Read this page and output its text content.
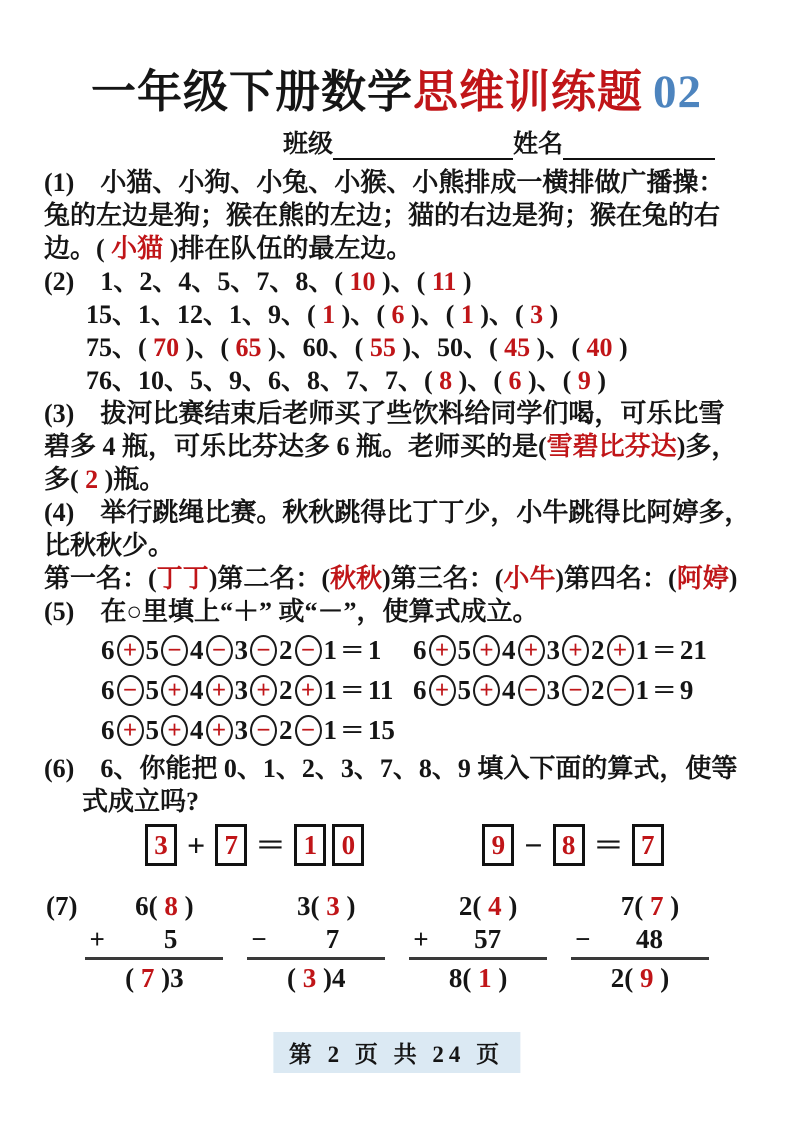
一年级下册数学思维训练题 02
班级	姓名

(1)　小猫、小狗、小兔、小猴、小熊排成一横排做广播操：

兔的左边是狗；猴在熊的左边；猫的右边是狗；猴在兔的右

边。( 小猫 )排在队伍的最左边。

(2)　1、2、4、5、7、8、( 10 )、( 11 )

15、1、12、1、9、( 1 )、( 6 )、( 1 )、( 3 )

75、( 70 )、( 65 )、60、( 55 )、50、( 45 )、( 40 )

76、10、5、9、6、8、7、7、( 8 )、( 6 )、( 9 )

(3)　拔河比赛结束后老师买了些饮料给同学们喝，可乐比雪

碧多 4 瓶，可乐比芬达多 6 瓶。老师买的是(雪碧比芬达)多，

多( 2 )瓶。

(4)　举行跳绳比赛。秋秋跳得比丁丁少，小牛跳得比阿婷多，

比秋秋少。

第一名：(丁丁)第二名：(秋秋)第三名：(小牛)第四名：(阿婷)

(5)　在○里填上“＋” 或“－”，使算式成立。

6 + 5 − 4 − 3 − 2 − 1 = 1 6 + 5 + 4 + 3 + 2 + 1 = 21
6 − 5 + 4 + 3 + 2 + 1 = 11 6 + 5 + 4 − 3 − 2 − 1 = 9
6 + 5 + 4 + 3 − 2 − 1 = 15

(6)　6、你能把 0、1、2、3、7、8、9 填入下面的算式，使等

式成立吗?

3 + 7 = 1 0	9 − 8 = 7
(7)	6( 8 )
+ 5
( 7 )3
3( 3 )
− 7
( 3 )4
2( 4 )
+ 57
8( 1 )
7( 7 )
− 48
2( 9 )
第 2 页 共 24 页
